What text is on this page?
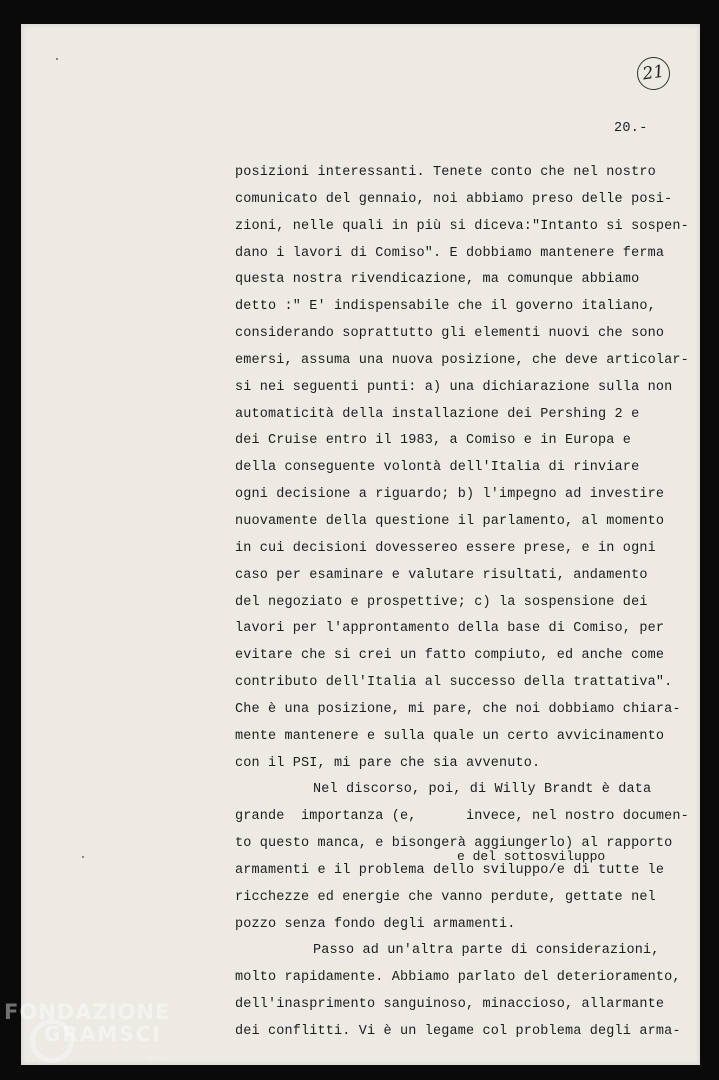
21
20.-
posizioni interessanti. Tenete conto che nel nostro
comunicato del gennaio, noi abbiamo preso delle posi-
zioni, nelle quali in più si diceva:"Intanto si sospen-
dano i lavori di Comiso". E dobbiamo mantenere ferma
questa nostra rivendicazione, ma comunque abbiamo
detto :" E' indispensabile che il governo italiano,
considerando soprattutto gli elementi nuovi che sono
emersi, assuma una nuova posizione, che deve articolar-
si nei seguenti punti: a) una dichiarazione sulla non
automaticità della installazione dei Pershing 2 e
dei Cruise entro il 1983, a Comiso e in Europa e
della conseguente volontà dell'Italia di rinviare
ogni decisione a riguardo; b) l'impegno ad investire
nuovamente della questione il parlamento, al momento
in cui decisioni dovessereo essere prese, e in ogni
caso per esaminare e valutare risultati, andamento
del negoziato e prospettive; c) la sospensione dei
lavori per l'approntamento della base di Comiso, per
evitare che si crei un fatto compiuto, ed anche come
contributo dell'Italia al successo della trattativa".
Che è una posizione, mi pare, che noi dobbiamo chiara-
mente mantenere e sulla quale un certo avvicinamento
con il PSI, mi pare che sia avvenuto.
Nel discorso, poi, di Willy Brandt è data
grande  importanza (e,      invece, nel nostro documen-
to questo manca, e bisongerà aggiungerlo) al rapporto
armamenti e il problema dello sviluppo/e di tutte le
ricchezze ed energie che vanno perdute, gettate nel
pozzo senza fondo degli armamenti.
Passo ad un'altra parte di considerazioni,
molto rapidamente. Abbiamo parlato del deterioramento,
dell'inasprimento sanguinoso, minaccioso, allarmante
dei conflitti. Vi è un legame col problema degli arma-
e del sottosviluppo
FONDAZIONE
GRAMSCI
onlus
